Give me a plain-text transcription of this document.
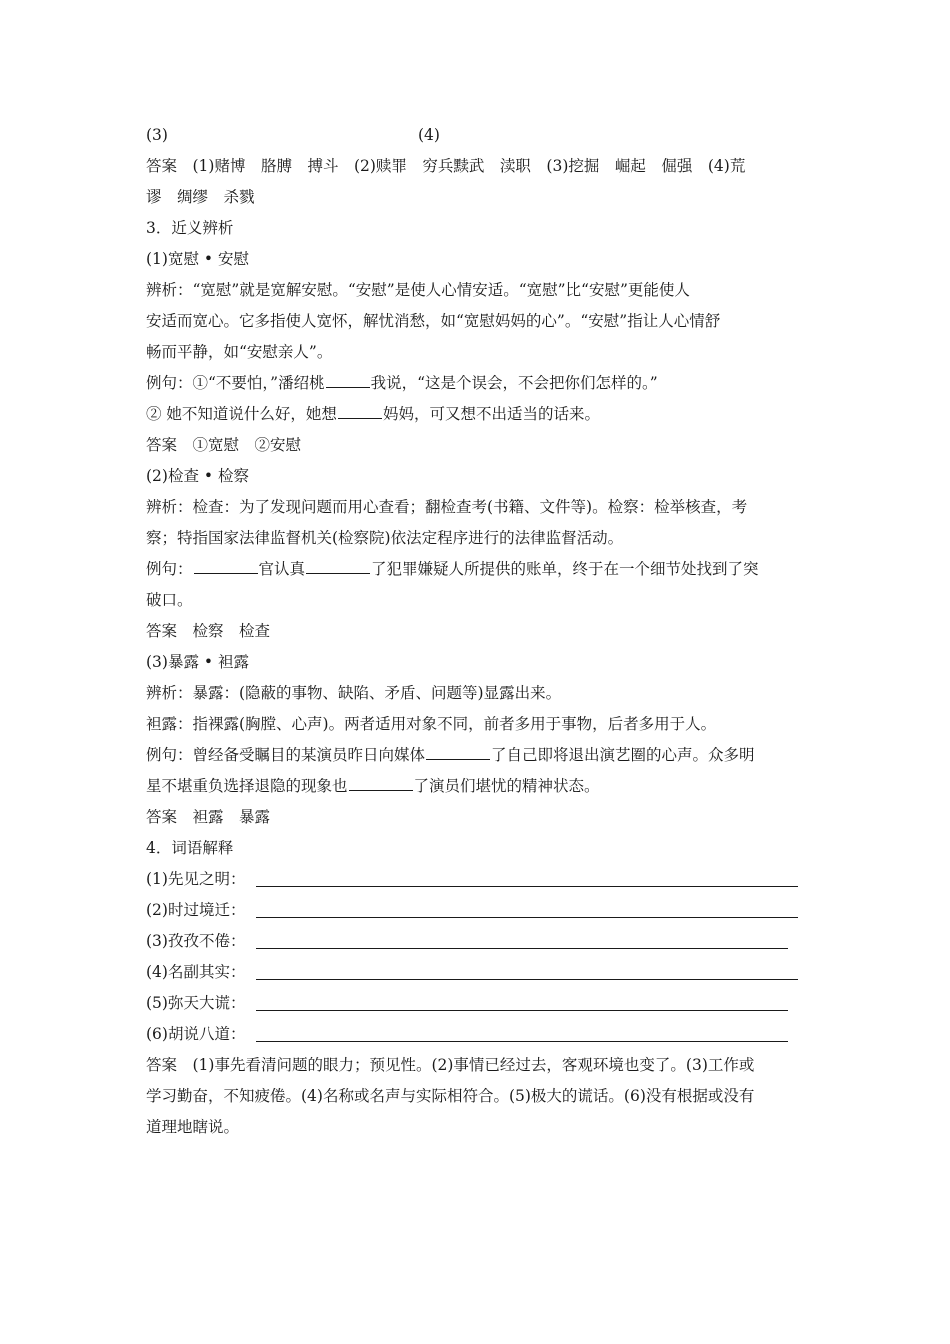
(3)	(4)
答案　(1)赌博　胳膊　搏斗　(2)赎罪　穷兵黩武　渎职　(3)挖掘　崛起　倔强　(4)荒
谬　绸缪　杀戮
3．近义辨析
(1)宽慰 • 安慰
辨析：“宽慰”就是宽解安慰。“安慰”是使人心情安适。“宽慰”比“安慰”更能使人
安适而宽心。它多指使人宽怀，解忧消愁，如“宽慰妈妈的心”。“安慰”指让人心情舒
畅而平静，如“安慰亲人”。
例句：①“不要怕，”潘绍桃	我说，“这是个误会，不会把你们怎样的。”
② 她不知道说什么好，她想	妈妈，可又想不出适当的话来。
答案　①宽慰　②安慰
(2)检查 • 检察
辨析：检查：为了发现问题而用心查看；翻检查考(书籍、文件等)。检察：检举核查，考
察；特指国家法律监督机关(检察院)依法定程序进行的法律监督活动。
例句：	官认真	了犯罪嫌疑人所提供的账单，终于在一个细节处找到了突
破口。
答案　检察　检查
(3)暴露 • 袒露
辨析：暴露：(隐蔽的事物、缺陷、矛盾、问题等)显露出来。
袒露：指裸露(胸膛、心声)。两者适用对象不同，前者多用于事物，后者多用于人。
例句：曾经备受瞩目的某演员昨日向媒体	了自己即将退出演艺圈的心声。众多明
星不堪重负选择退隐的现象也	了演员们堪忧的精神状态。
答案　袒露　暴露
4．词语解释
(1)先见之明：
(2)时过境迁：
(3)孜孜不倦：
(4)名副其实：
(5)弥天大谎：
(6)胡说八道：
答案　(1)事先看清问题的眼力；预见性。(2)事情已经过去，客观环境也变了。(3)工作或
学习勤奋，不知疲倦。(4)名称或名声与实际相符合。(5)极大的谎话。(6)没有根据或没有
道理地瞎说。
